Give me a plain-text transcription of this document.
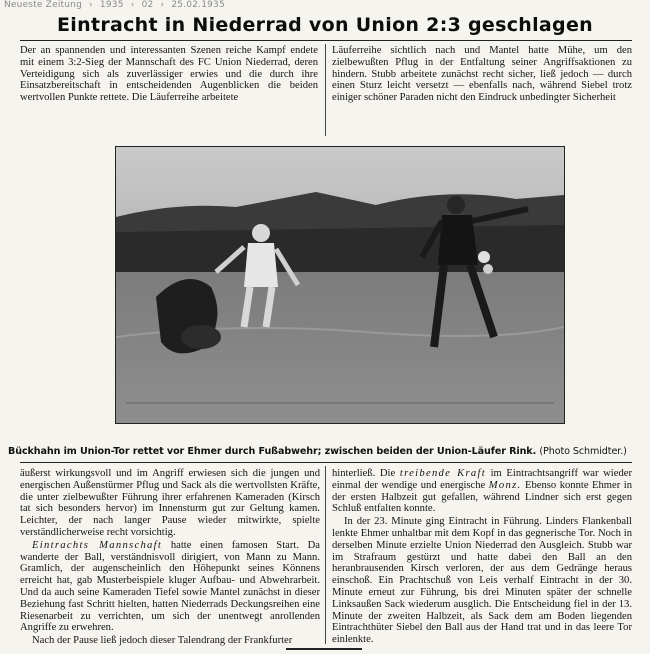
Neueste Zeitung › 1935 › 02 › 25.02.1935
Eintracht in Niederrad von Union 2:3 geschlagen

Der an spannenden und interessanten Szenen reiche Kampf endete mit einem 3:2-Sieg der Mannschaft des FC Union Niederrad, deren Verteidigung sich als zuverlässiger erwies und die durch ihre Einsatzbereitschaft in entscheidenden Augenblicken die beiden wertvollen Punkte rettete. Die Läuferreihe arbeitete

Läuferreihe sichtlich nach und Mantel hatte Mühe, um den zielbewußten Pflug in der Entfaltung seiner Angriffsaktionen zu hindern. Stubb arbeitete zunächst recht sicher, ließ jedoch — durch einen Sturz leicht versetzt — ebenfalls nach, während Siebel trotz einiger schöner Paraden nicht den Eindruck unbedingter Sicherheit

Bückhahn im Union-Tor rettet vor Ehmer durch Fußabwehr; zwischen beiden der Union-Läufer Rink. (Photo Schmidter.)

äußerst wirkungsvoll und im Angriff erwiesen sich die jungen und energischen Außenstürmer Pflug und Sack als die wertvollsten Kräfte, die unter zielbewußter Führung ihrer erfahrenen Kameraden (Kirsch tat sich besonders hervor) im Innensturm gut zur Geltung kamen. Leichter, der nach langer Pause wieder mitwirkte, spielte verständlicherweise recht vorsichtig.

Eintrachts Mannschaft hatte einen famosen Start. Da wanderte der Ball, verständnisvoll dirigiert, von Mann zu Mann. Gramlich, der augenscheinlich den Höhepunkt seines Könnens erreicht hat, gab Musterbeispiele kluger Aufbau- und Abwehrarbeit. Und da auch seine Kameraden Tiefel sowie Mantel zunächst in dieser Beziehung fast Schritt hielten, hatten Niederrads Deckungsreihen eine Riesenarbeit zu verrichten, um sich der unentwegt anrollenden Angriffe zu erwehren.

Nach der Pause ließ jedoch dieser Talendrang der Frankfurter

hinterließ. Die treibende Kraft im Eintrachtsangriff war wieder einmal der wendige und energische Monz. Ebenso konnte Ehmer in der ersten Halbzeit gut gefallen, während Lindner sich erst gegen Schluß entfalten konnte.

In der 23. Minute ging Eintracht in Führung. Linders Flankenball lenkte Ehmer unhaltbar mit dem Kopf in das gegnerische Tor. Noch in derselben Minute erzielte Union Niederrad den Ausgleich. Stubb war im Strafraum gestürzt und hatte dabei den Ball an den heranbrausenden Kirsch verloren, der aus dem Gedränge heraus einschoß. Ein Prachtschuß von Leis verhalf Eintracht in der 30. Minute erneut zur Führung, bis drei Minuten später der schnelle Linksaußen Sack wiederum ausglich. Die Entscheidung fiel in der 13. Minute der zweiten Halbzeit, als Sack dem am Boden liegenden Eintrachthüter Siebel den Ball aus der Hand trat und in das leere Tor einlenkte.
